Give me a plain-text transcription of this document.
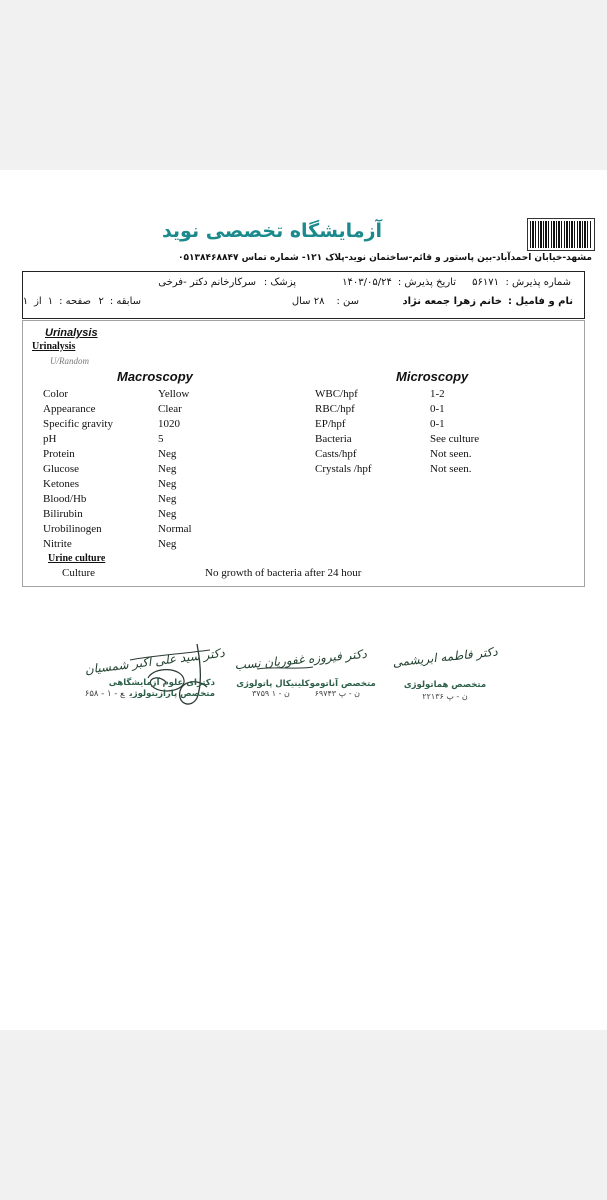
آزمایشگاه تخصصی نوید
مشهد-خیابان احمدآباد-بین پاستور و قائم-ساختمان نوید-پلاک ۱۲۱- شماره تماس ۰۵۱۳۸۴۶۸۸۴۷
شماره پذیرش :
۵۶۱۷۱
تاریخ پذیرش :۱۴۰۳/۰۵/۲۴
پزشک :
سرکارخانم دکتر -فرخی
نام و فامیل :خانم زهرا جمعه نژاد
سن :۲۸ سال
سابقه :۲
صفحه :۱از۱
Urinalysis
Urinalysis
U/Random
Macroscopy	Microscopy
Color	Yellow
Appearance	Clear
Specific gravity	1020
pH	5
Protein	Neg
Glucose	Neg
Ketones	Neg
Blood/Hb	Neg
Bilirubin	Neg
Urobilinogen	Normal
Nitrite	Neg
WBC/hpf	1-2
RBC/hpf	0-1
EP/hpf	0-1
Bacteria	See culture
Casts/hpf	Not seen.
Crystals /hpf	Not seen.
Urine culture
Culture	No growth of bacteria after 24 hour
دکتر سید علی اکبر شمسیان
دکترای علوم آزمایشگاهی
متخصص پارازیتولوژیع - ۱ - ۶۵۸
دکتر فیروزه غفوریان نسب
متخصص آناتوموکلینیکال پاتولوژی
ن - پ ۶۹۷۴۳
ن - ۱ ۳۷۵۹
دکتر فاطمه ابریشمی
متخصص هماتولوژی
ن - پ ۲۲۱۳۶
